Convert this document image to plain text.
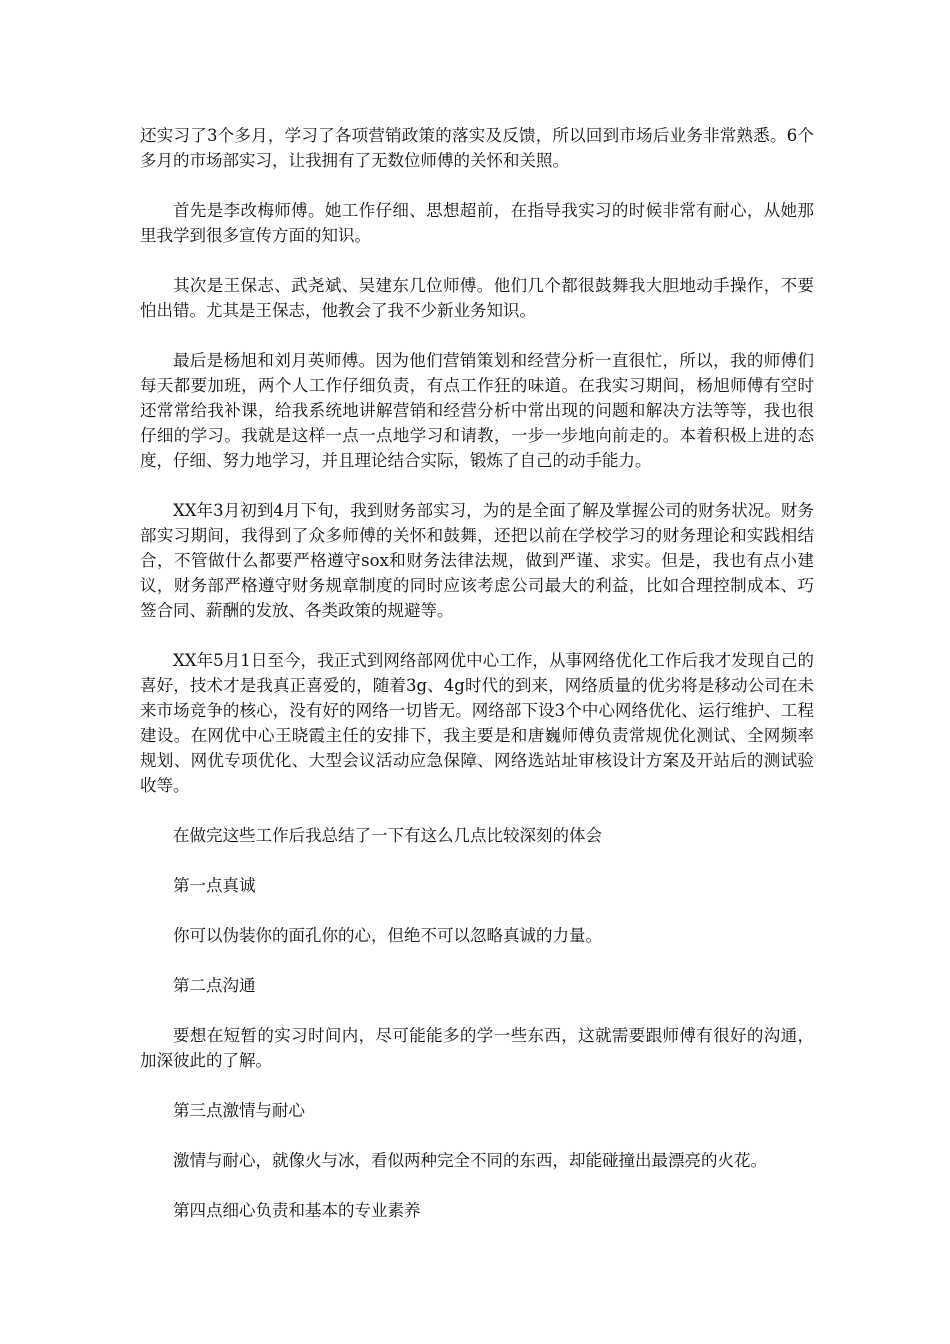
还实习了3个多月，学习了各项营销政策的落实及反馈，所以回到市场后业务非常熟悉。6个多月的市场部实习，让我拥有了无数位师傅的关怀和关照。

首先是李改梅师傅。她工作仔细、思想超前，在指导我实习的时候非常有耐心，从她那里我学到很多宣传方面的知识。

其次是王保志、武尧斌、吴建东几位师傅。他们几个都很鼓舞我大胆地动手操作，不要怕出错。尤其是王保志，他教会了我不少新业务知识。

最后是杨旭和刘月英师傅。因为他们营销策划和经营分析一直很忙，所以，我的师傅们每天都要加班，两个人工作仔细负责，有点工作狂的味道。在我实习期间，杨旭师傅有空时还常常给我补课，给我系统地讲解营销和经营分析中常出现的问题和解决方法等等，我也很仔细的学习。我就是这样一点一点地学习和请教，一步一步地向前走的。本着积极上进的态度，仔细、努力地学习，并且理论结合实际，锻炼了自己的动手能力。

XX年3月初到4月下旬，我到财务部实习，为的是全面了解及掌握公司的财务状况。财务部实习期间，我得到了众多师傅的关怀和鼓舞，还把以前在学校学习的财务理论和实践相结合，不管做什么都要严格遵守sox和财务法律法规，做到严谨、求实。但是，我也有点小建议，财务部严格遵守财务规章制度的同时应该考虑公司最大的利益，比如合理控制成本、巧签合同、薪酬的发放、各类政策的规避等。

XX年5月1日至今，我正式到网络部网优中心工作，从事网络优化工作后我才发现自己的喜好，技术才是我真正喜爱的，随着3g、4g时代的到来，网络质量的优劣将是移动公司在未来市场竞争的核心，没有好的网络一切皆无。网络部下设3个中心网络优化、运行维护、工程建设。在网优中心王晓霞主任的安排下，我主要是和唐巍师傅负责常规优化测试、全网频率规划、网优专项优化、大型会议活动应急保障、网络选站址审核设计方案及开站后的测试验收等。

在做完这些工作后我总结了一下有这么几点比较深刻的体会

第一点真诚

你可以伪装你的面孔你的心，但绝不可以忽略真诚的力量。

第二点沟通

要想在短暂的实习时间内，尽可能能多的学一些东西，这就需要跟师傅有很好的沟通，加深彼此的了解。

第三点激情与耐心

激情与耐心，就像火与冰，看似两种完全不同的东西，却能碰撞出最漂亮的火花。

第四点细心负责和基本的专业素养
